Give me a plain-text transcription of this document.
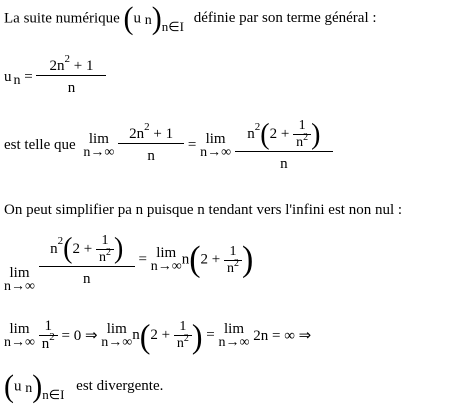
La suite numérique (u n)n∈I définie par son terme général :
u $n = \frac{2n^2 + 1}{n}$
est telle que lim
n→∞
$\frac{2n^2 + 1}{n} = \lim$
n→∞
$\frac{n^2(2 + \frac{1}{n^2} )}{n}$
On peut simplifier pa n puisque n tendant vers l'infini est non nul :
lim
n→∞
$\frac{n^2(2 + \frac{1}{n^2} )}{n} = \lim$
n→∞ $n(2 + \frac{1}{n^2}$ )
lim
n→∞
$\frac{1}{n^2} = 0$ ⇒ lim
n→∞ $n(2 + \frac{1}{n^2}$ ) = lim
n→∞ 2n = ∞ ⇒
(u n)n∈I est divergente.
